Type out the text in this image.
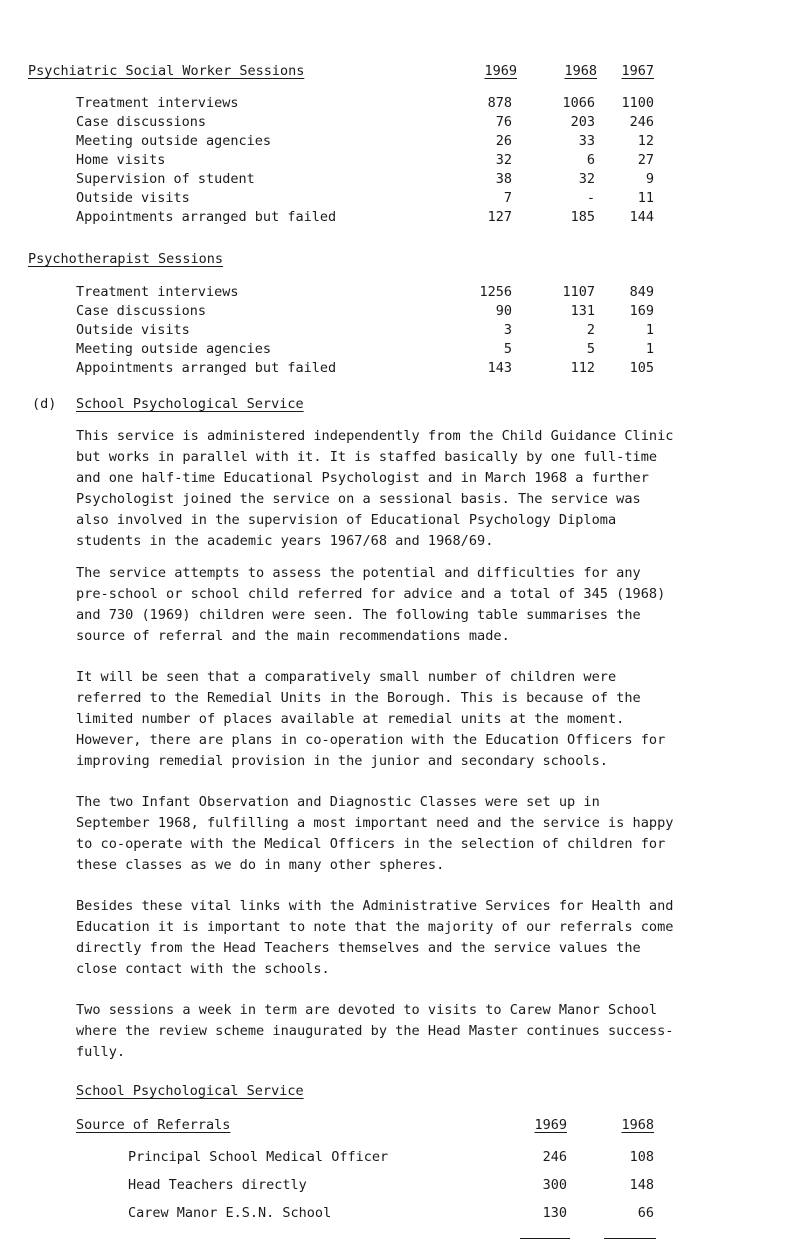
Psychiatric Social Worker Sessions	1969	1968	1967
Treatment interviews	878	1066	1100
Case discussions	76	203	246
Meeting outside agencies	26	33	12
Home visits	32	6	27
Supervision of student	38	32	9
Outside visits	7	-	11
Appointments arranged but failed	127	185	144
Psychotherapist Sessions
Treatment interviews	1256	1107	849
Case discussions	90	131	169
Outside visits	3	2	1
Meeting outside agencies	5	5	1
Appointments arranged but failed	143	112	105
(d) School Psychological Service
This service is administered independently from the Child Guidance Clinic
but works in parallel with it. It is staffed basically by one full-time
and one half-time Educational Psychologist and in March 1968 a further
Psychologist joined the service on a sessional basis. The service was
also involved in the supervision of Educational Psychology Diploma
students in the academic years 1967/68 and 1968/69.
The service attempts to assess the potential and difficulties for any
pre-school or school child referred for advice and a total of 345 (1968)
and 730 (1969) children were seen. The following table summarises the
source of referral and the main recommendations made.
It will be seen that a comparatively small number of children were
referred to the Remedial Units in the Borough. This is because of the
limited number of places available at remedial units at the moment.
However, there are plans in co-operation with the Education Officers for
improving remedial provision in the junior and secondary schools.
The two Infant Observation and Diagnostic Classes were set up in
September 1968, fulfilling a most important need and the service is happy
to co-operate with the Medical Officers in the selection of children for
these classes as we do in many other spheres.
Besides these vital links with the Administrative Services for Health and
Education it is important to note that the majority of our referrals come
directly from the Head Teachers themselves and the service values the
close contact with the schools.
Two sessions a week in term are devoted to visits to Carew Manor School
where the review scheme inaugurated by the Head Master continues success-
fully.
School Psychological Service
Source of Referrals	1969	1968
Principal School Medical Officer	246	108
Head Teachers directly	300	148
Carew Manor E.S.N. School	130	66
